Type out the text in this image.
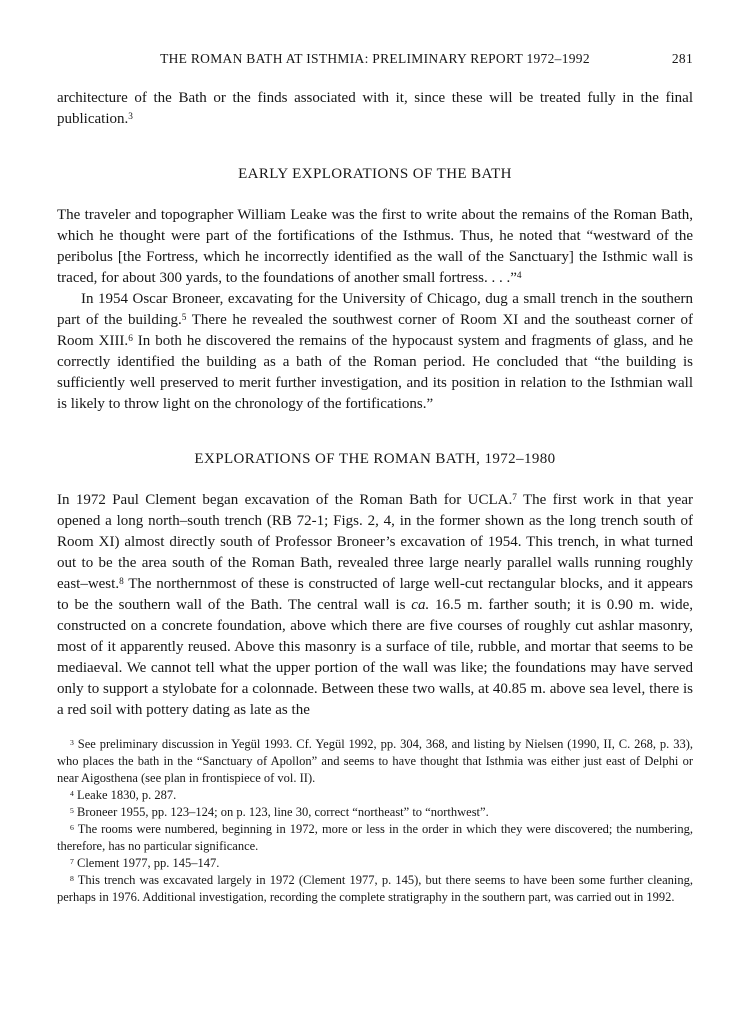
THE ROMAN BATH AT ISTHMIA: PRELIMINARY REPORT 1972–1992	281

architecture of the Bath or the finds associated with it, since these will be treated fully in the final publication.$^3$

EARLY EXPLORATIONS OF THE BATH

The traveler and topographer William Leake was the first to write about the remains of the Roman Bath, which he thought were part of the fortifications of the Isthmus. Thus, he noted that “westward of the peribolus [the Fortress, which he incorrectly identified as the wall of the Sanctuary] the Isthmic wall is traced, for about 300 yards, to the foundations of another small fortress. . . .”$^4$

In 1954 Oscar Broneer, excavating for the University of Chicago, dug a small trench in the southern part of the building.$^5$ There he revealed the southwest corner of Room XI and the southeast corner of Room XIII.$^6$ In both he discovered the remains of the hypocaust system and fragments of glass, and he correctly identified the building as a bath of the Roman period. He concluded that “the building is sufficiently well preserved to merit further investigation, and its position in relation to the Isthmian wall is likely to throw light on the chronology of the fortifications.”

EXPLORATIONS OF THE ROMAN BATH, 1972–1980

In 1972 Paul Clement began excavation of the Roman Bath for UCLA.$^7$ The first work in that year opened a long north–south trench (RB 72-1; Figs. 2, 4, in the former shown as the long trench south of Room XI) almost directly south of Professor Broneer’s excavation of 1954. This trench, in what turned out to be the area south of the Roman Bath, revealed three large nearly parallel walls running roughly east–west.$^8$ The northernmost of these is constructed of large well-cut rectangular blocks, and it appears to be the southern wall of the Bath. The central wall is ca. 16.5 m. farther south; it is 0.90 m. wide, constructed on a concrete foundation, above which there are five courses of roughly cut ashlar masonry, most of it apparently reused. Above this masonry is a surface of tile, rubble, and mortar that seems to be mediaeval. We cannot tell what the upper portion of the wall was like; the foundations may have served only to support a stylobate for a colonnade. Between these two walls, at 40.85 m. above sea level, there is a red soil with pottery dating as late as the

$^3$ See preliminary discussion in Yegül 1993. Cf. Yegül 1992, pp. 304, 368, and listing by Nielsen (1990, II, C. 268, p. 33), who places the bath in the “Sanctuary of Apollon” and seems to have thought that Isthmia was either just east of Delphi or near Aigosthena (see plan in frontispiece of vol. II).

$^4$ Leake 1830, p. 287.

$^5$ Broneer 1955, pp. 123–124; on p. 123, line 30, correct “northeast” to “northwest”.

$^6$ The rooms were numbered, beginning in 1972, more or less in the order in which they were discovered; the numbering, therefore, has no particular significance.

$^7$ Clement 1977, pp. 145–147.

$^8$ This trench was excavated largely in 1972 (Clement 1977, p. 145), but there seems to have been some further cleaning, perhaps in 1976. Additional investigation, recording the complete stratigraphy in the southern part, was carried out in 1992.
